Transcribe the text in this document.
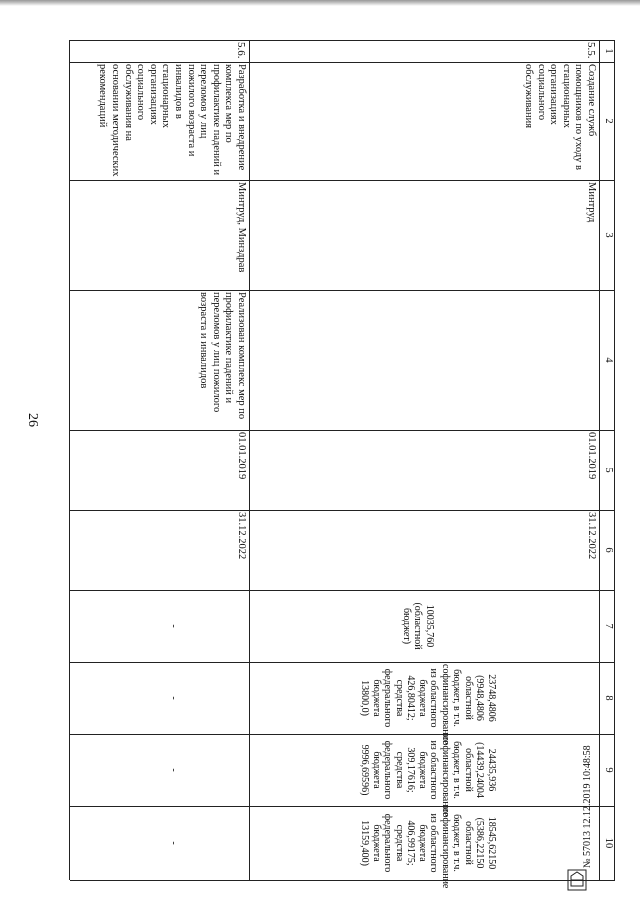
26
1
2
3
4
5
6
7
8
9
10
5.5.
Создание служб помощников по уходу в стационарных организациях социального обслуживания
Минтруд
01.01.2019
31.12.2022
10035,760
(областной бюджет)
23748,4806
(9948,4806 областной бюджет, в т.ч. софинансирование из областного бюджета 426,80412; средства федерального бюджета 13800,0)
24435,936
(14439,24004 областной бюджет, в т.ч. софинансирование из областного бюджета 309,17616; средства федерального бюджета 9996,69596)
18545,62150
(5386,22150 областной бюджет, в т.ч. софинансирование из областного бюджета 406,99175; средства федерального бюджета 13159,400)
5.6.
Разработка и внедрение комплекса мер по профилактике падений и переломов у лиц пожилого возраста и инвалидов в стационарных организациях социального обслуживания на основании методических рекомендаций
Минтруд, Минздрав
Реализован комплекс мер по профилактике падений и переломов у лиц пожилого возраста и инвалидов
01.01.2019
31.12.2022
-
-
-
-	№ 57013 12.12.2019 10:48:58
